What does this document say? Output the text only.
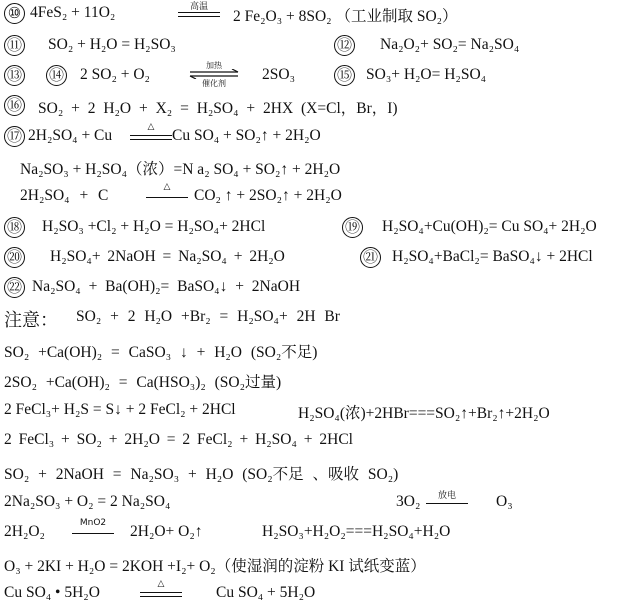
⑩ 4FeS₂ + 11O₂	高温
2 Fe₂O₃ + 8SO₂ （工业制取 SO₂）
⑪ SO₂ + H₂O = H₂SO₃	⑫ Na₂O₂+ SO₂= Na₂SO₄
⑬ ⑭ 2 SO₂ + O₂
加热
催化剂
2SO₃	⑮ SO₃+ H₂O= H₂SO₄
⑯ SO₂ + 2 H₂O + X₂ = H₂SO₄ + 2HX (X=Cl，Br，I)
⑰ 2H₂SO₄ + Cu	△	Cu SO₄ + SO₂↑ + 2H₂O
Na₂SO₃ + H₂SO₄（浓）=N a₂ SO₄ + SO₂↑ + 2H₂O
2H₂SO₄ + C	△	CO₂ ↑ + 2SO₂↑ + 2H₂O
⑱ H₂SO₃ +Cl₂ + H₂O = H₂SO₄+ 2HCl	⑲ H₂SO₄+Cu(OH)₂= Cu SO₄+ 2H₂O
⑳ H₂SO₄+ 2NaOH = Na₂SO₄ + 2H₂O	㉑ H₂SO₄+BaCl₂= BaSO₄↓ + 2HCl
㉒ Na₂SO₄ + Ba(OH)₂= BaSO₄↓ + 2NaOH
注意： SO₂ + 2 H₂O +Br₂ = H₂SO₄+ 2H Br
SO₂ +Ca(OH)₂ = CaSO₃ ↓ + H₂O (SO₂不足)
2SO₂ +Ca(OH)₂ = Ca(HSO₃)₂ (SO₂过量)
2 FeCl₃+ H₂S = S↓ + 2 FeCl₂ + 2HCl	H₂SO₄(浓)+2HBr===SO₂↑+Br₂↑+2H₂O
2 FeCl₃ + SO₂ + 2H₂O = 2 FeCl₂ + H₂SO₄ + 2HCl
SO₂ + 2NaOH = Na₂SO₃ + H₂O (SO₂不足 、吸收 SO₂)
2Na₂SO₃ + O₂ = 2 Na₂SO₄	3O₂	放电	O₃
2H₂O₂	MnO2	2H₂O+ O₂↑	H₂SO₃+H₂O₂===H₂SO₄+H₂O
O₃ + 2KI + H₂O = 2KOH +I₂+ O₂（使湿润的淀粉 KI 试纸变蓝）
Cu SO₄ • 5H₂O	△	Cu SO₄ + 5H₂O
